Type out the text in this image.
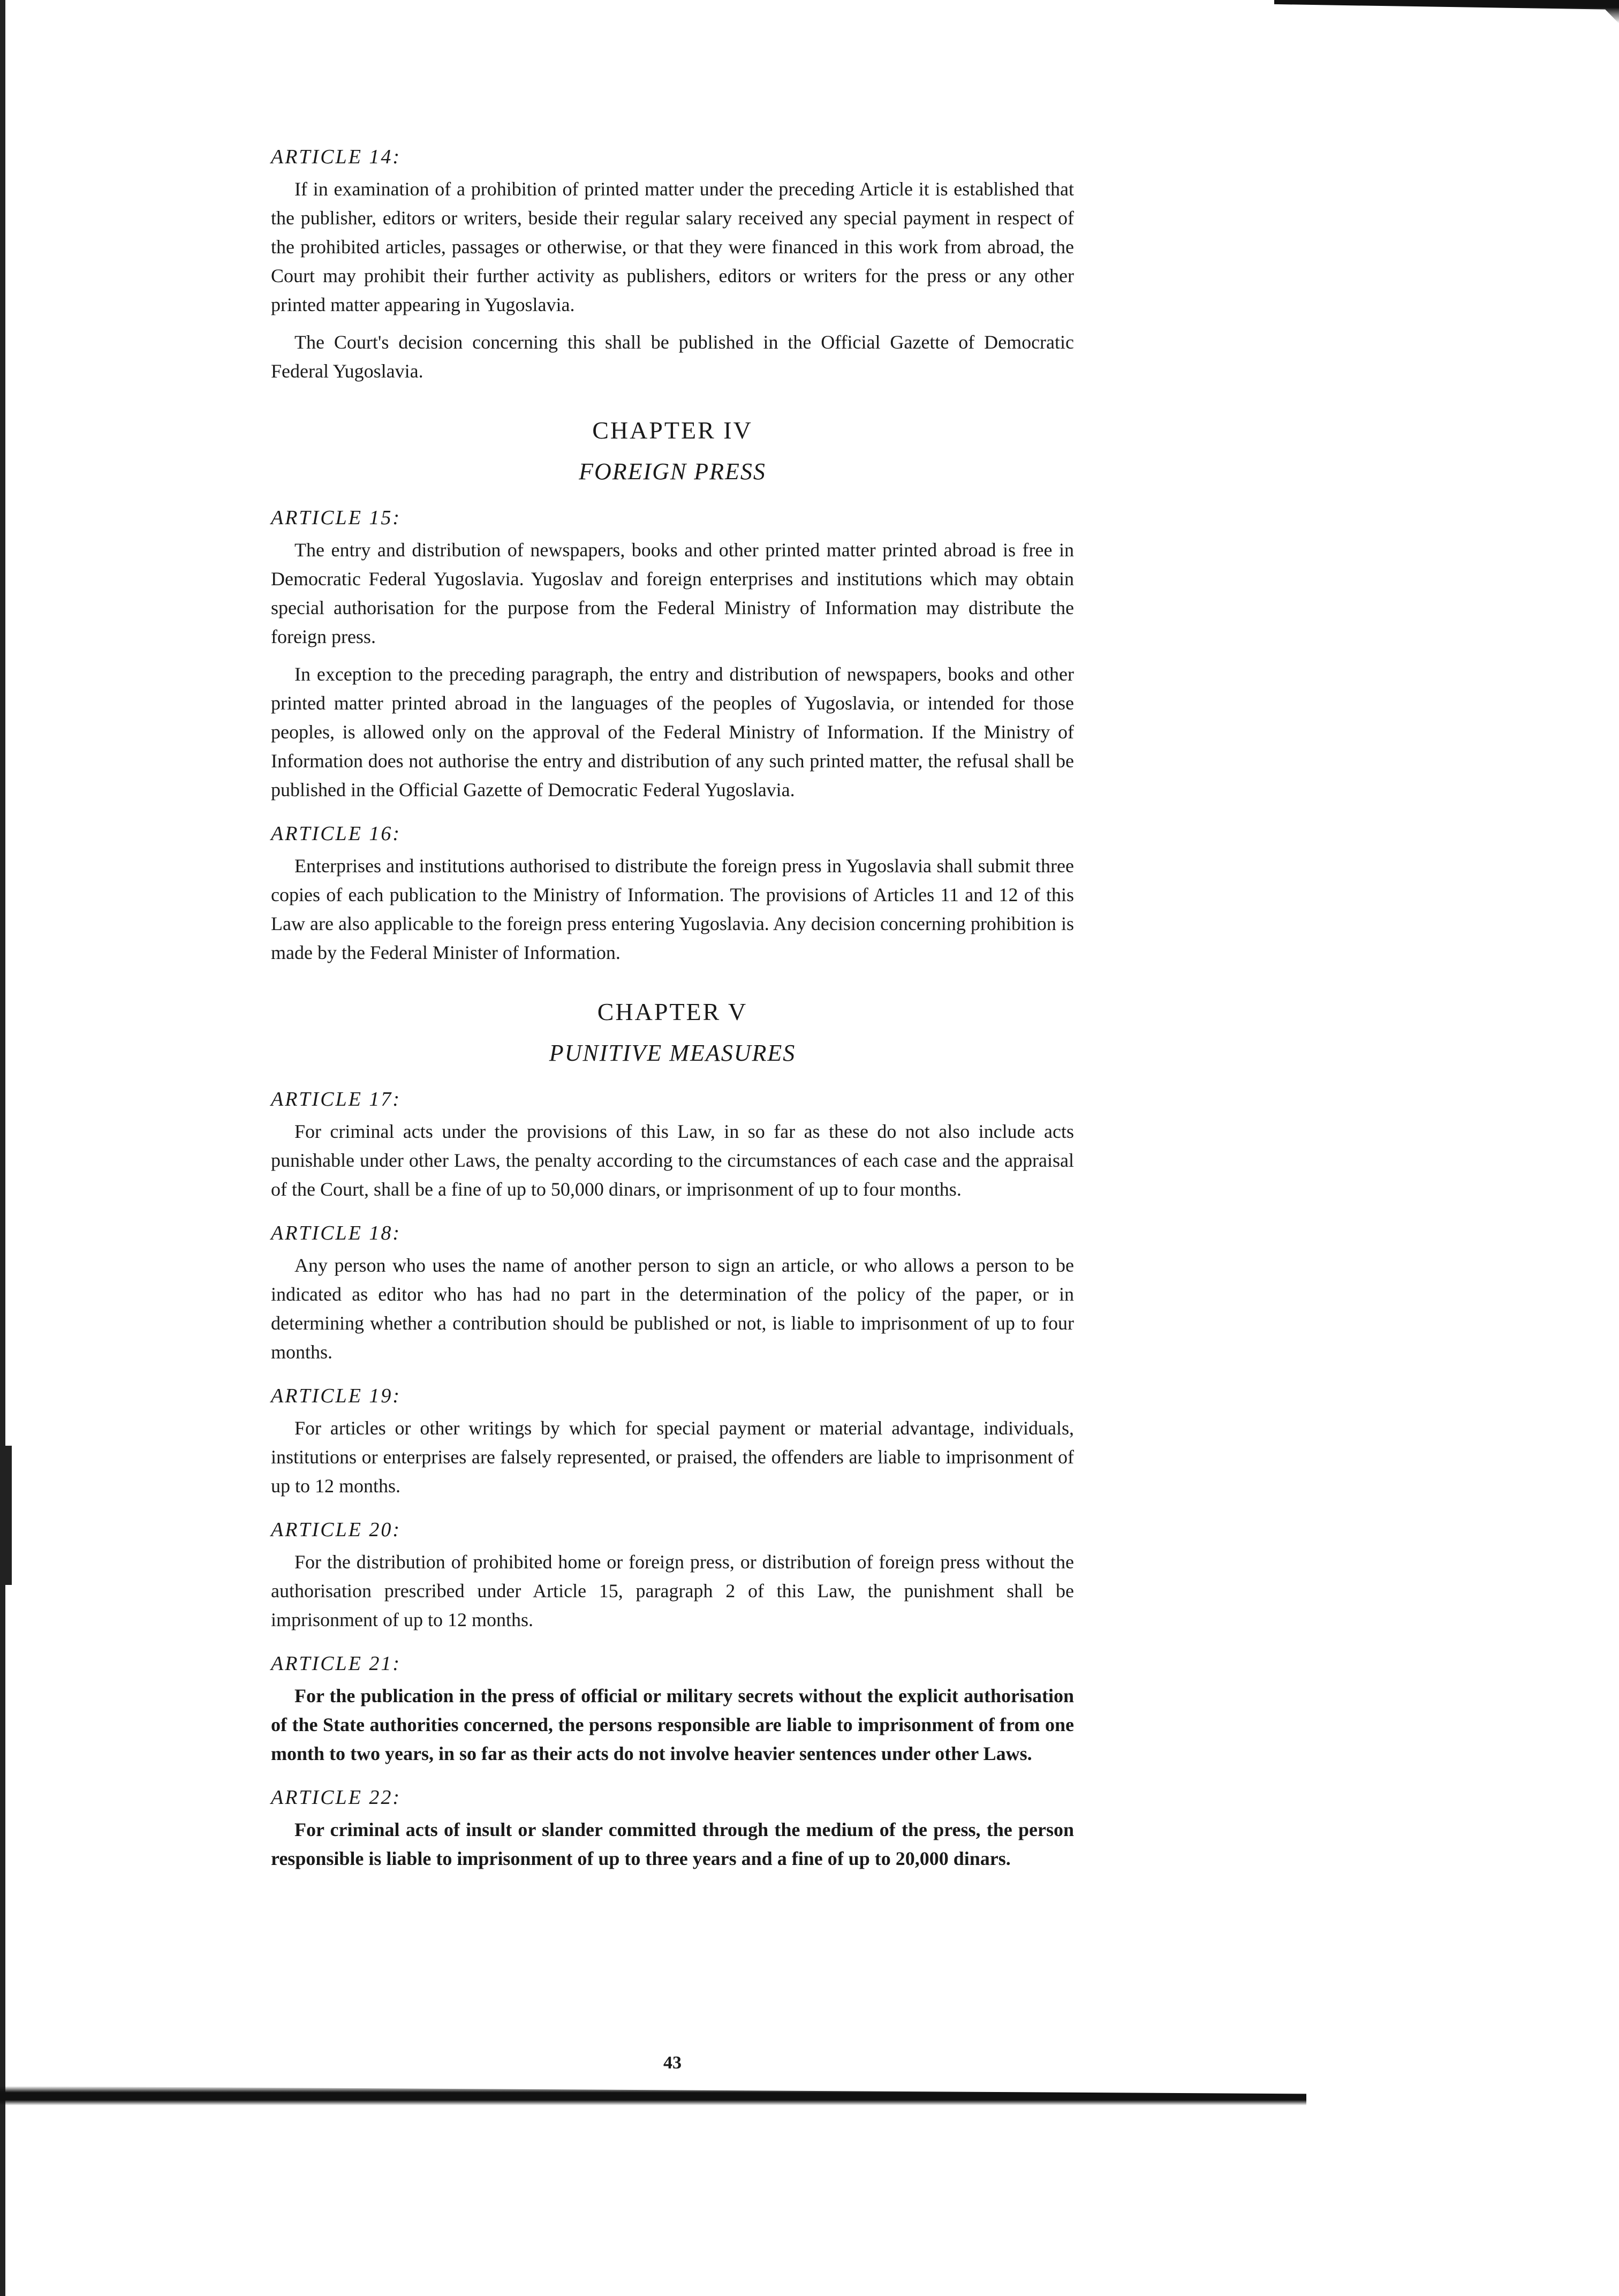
ARTICLE 14:

If in examination of a prohibition of printed matter under the preceding Article it is established that the publisher, editors or writers, beside their regular salary received any special payment in respect of the prohibited articles, passages or otherwise, or that they were financed in this work from abroad, the Court may prohibit their further activity as publishers, editors or writers for the press or any other printed matter appearing in Yugoslavia.

The Court's decision concerning this shall be published in the Official Gazette of Democratic Federal Yugoslavia.

CHAPTER IV
FOREIGN PRESS

ARTICLE 15:

The entry and distribution of newspapers, books and other printed matter printed abroad is free in Democratic Federal Yugoslavia. Yugoslav and foreign enterprises and institutions which may obtain special authorisation for the purpose from the Federal Ministry of Information may distribute the foreign press.

In exception to the preceding paragraph, the entry and distribution of newspapers, books and other printed matter printed abroad in the languages of the peoples of Yugoslavia, or intended for those peoples, is allowed only on the approval of the Federal Ministry of Information. If the Ministry of Information does not authorise the entry and distribution of any such printed matter, the refusal shall be published in the Official Gazette of Democratic Federal Yugoslavia.

ARTICLE 16:

Enterprises and institutions authorised to distribute the foreign press in Yugoslavia shall submit three copies of each publication to the Ministry of Information. The provisions of Articles 11 and 12 of this Law are also applicable to the foreign press entering Yugoslavia. Any decision concerning prohibition is made by the Federal Minister of Information.

CHAPTER V
PUNITIVE MEASURES

ARTICLE 17:

For criminal acts under the provisions of this Law, in so far as these do not also include acts punishable under other Laws, the penalty according to the circumstances of each case and the appraisal of the Court, shall be a fine of up to 50,000 dinars, or imprisonment of up to four months.

ARTICLE 18:

Any person who uses the name of another person to sign an article, or who allows a person to be indicated as editor who has had no part in the determination of the policy of the paper, or in determining whether a contribution should be published or not, is liable to imprisonment of up to four months.

ARTICLE 19:

For articles or other writings by which for special payment or material advantage, individuals, institutions or enterprises are falsely represented, or praised, the offenders are liable to imprisonment of up to 12 months.

ARTICLE 20:

For the distribution of prohibited home or foreign press, or distribution of foreign press without the authorisation prescribed under Article 15, paragraph 2 of this Law, the punishment shall be imprisonment of up to 12 months.

ARTICLE 21:

For the publication in the press of official or military secrets without the explicit authorisation of the State authorities concerned, the persons responsible are liable to imprisonment of from one month to two years, in so far as their acts do not involve heavier sentences under other Laws.

ARTICLE 22:

For criminal acts of insult or slander committed through the medium of the press, the person responsible is liable to imprisonment of up to three years and a fine of up to 20,000 dinars.

43
